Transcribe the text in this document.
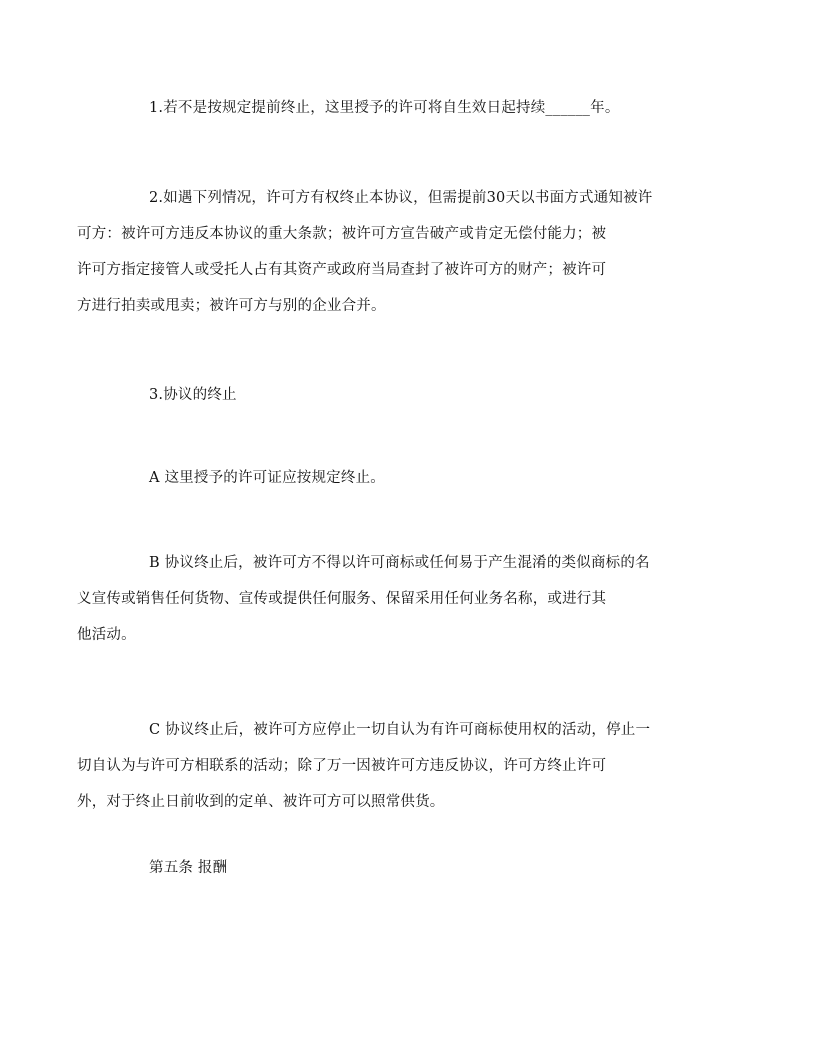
1.若不是按规定提前终止，这里授予的许可将自生效日起持续______年。

2.如遇下列情况，许可方有权终止本协议，但需提前30天以书面方式通知被许
可方：被许可方违反本协议的重大条款；被许可方宣告破产或肯定无偿付能力；被
许可方指定接管人或受托人占有其资产或政府当局查封了被许可方的财产；被许可
方进行拍卖或甩卖；被许可方与别的企业合并。

3.协议的终止

A 这里授予的许可证应按规定终止。

B 协议终止后，被许可方不得以许可商标或任何易于产生混淆的类似商标的名
义宣传或销售任何货物、宣传或提供任何服务、保留采用任何业务名称，或进行其
他活动。

C 协议终止后，被许可方应停止一切自认为有许可商标使用权的活动，停止一
切自认为与许可方相联系的活动；除了万一因被许可方违反协议，许可方终止许可
外，对于终止日前收到的定单、被许可方可以照常供货。

第五条 报酬
